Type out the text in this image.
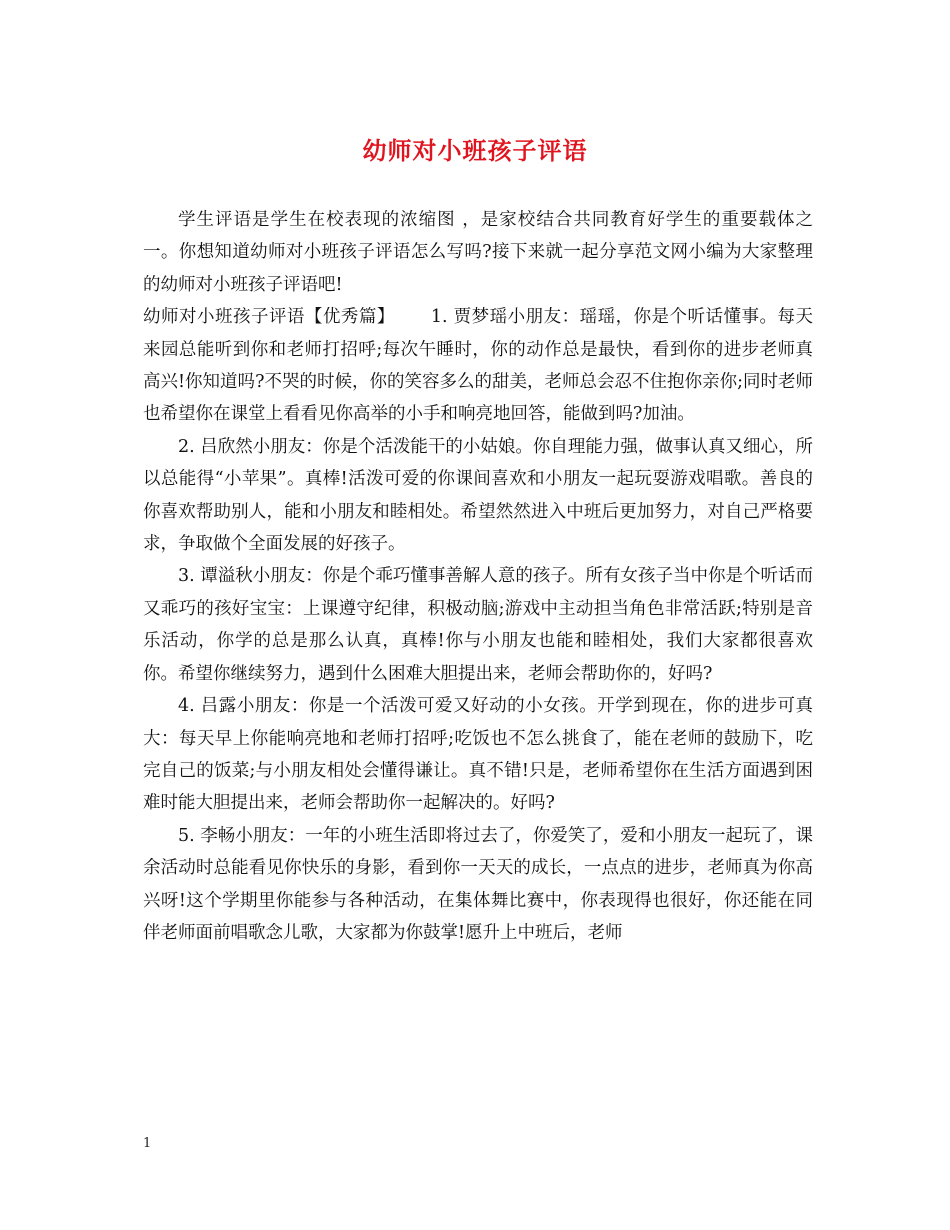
幼师对小班孩子评语

学生评语是学生在校表现的浓缩图 ，是家校结合共同教育好学生的重要载体之一。你想知道幼师对小班孩子评语怎么写吗?接下来就一起分享范文网小编为大家整理的幼师对小班孩子评语吧!

幼师对小班孩子评语【优秀篇】 1. 贾梦瑶小朋友：瑶瑶，你是个听话懂事。每天来园总能听到你和老师打招呼;每次午睡时，你的动作总是最快，看到你的进步老师真高兴!你知道吗?不哭的时候，你的笑容多么的甜美，老师总会忍不住抱你亲你;同时老师也希望你在课堂上看看见你高举的小手和响亮地回答，能做到吗?加油。

2. 吕欣然小朋友：你是个活泼能干的小姑娘。你自理能力强，做事认真又细心，所以总能得“小苹果”。真棒!活泼可爱的你课间喜欢和小朋友一起玩耍游戏唱歌。善良的你喜欢帮助别人，能和小朋友和睦相处。希望然然进入中班后更加努力，对自己严格要求，争取做个全面发展的好孩子。

3. 谭溢秋小朋友：你是个乖巧懂事善解人意的孩子。所有女孩子当中你是个听话而又乖巧的孩好宝宝：上课遵守纪律，积极动脑;游戏中主动担当角色非常活跃;特别是音乐活动，你学的总是那么认真，真棒!你与小朋友也能和睦相处，我们大家都很喜欢你。希望你继续努力，遇到什么困难大胆提出来，老师会帮助你的，好吗?

4. 吕露小朋友：你是一个活泼可爱又好动的小女孩。开学到现在，你的进步可真大：每天早上你能响亮地和老师打招呼;吃饭也不怎么挑食了，能在老师的鼓励下，吃完自己的饭菜;与小朋友相处会懂得谦让。真不错!只是，老师希望你在生活方面遇到困难时能大胆提出来，老师会帮助你一起解决的。好吗?

5. 李畅小朋友：一年的小班生活即将过去了，你爱笑了，爱和小朋友一起玩了，课余活动时总能看见你快乐的身影，看到你一天天的成长，一点点的进步，老师真为你高兴呀!这个学期里你能参与各种活动，在集体舞比赛中，你表现得也很好，你还能在同伴老师面前唱歌念儿歌，大家都为你鼓掌!愿升上中班后，老师

1
